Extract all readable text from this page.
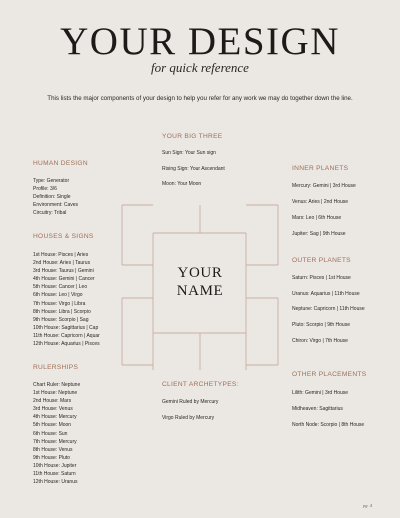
YOUR DESIGN
for quick reference
This lists the major components of your design to help you refer for any work we may do together down the line.
YOUR
NAME
YOUR BIG THREE
Sun Sign: Your Sun sign
Rising Sign: Your Ascendant
Moon: Your Moon
HUMAN DESIGN
Type: Generator
Profile: 3/6
Definition: Single
Environment: Caves
Circuitry: Tribal
HOUSES & SIGNS
1st House: Pisces | Aries
2nd House: Aries | Taurus
3rd House: Taurus | Gemini
4th House: Gemini | Cancer
5th House: Cancer | Leo
6th House: Leo | Virgo
7th House: Virgo | Libra
8th House: Libra | Scorpio
9th House: Scorpio | Sag
10th House: Sagittarius | Cap
11th House: Capricorn | Aquar
12th House: Aquarius | Pisces
RULERSHIPS
Chart Ruler: Neptune
1st House: Neptune
2nd House: Mars
3rd House: Venus
4th House: Mercury
5th House: Moon
6th House: Sun
7th House: Mercury
8th House: Venus
9th House: Pluto
10th House: Jupiter
11th House: Saturn
12th House: Uranus
CLIENT ARCHETYPES:
Gemini Ruled by Mercury
Virgo Ruled by Mercury
INNER PLANETS
Mercury: Gemini | 3rd House
Venus: Aries | 2nd House
Mars: Leo | 6th House
Jupiter: Sag | 9th House
OUTER PLANETS
Saturn: Pisces | 1st House
Uranus: Aquarius | 11th House
Neptune: Capricorn | 11th House
Pluto: Scorpio | 9th House
Chiron: Virgo | 7th House
OTHER PLACEMENTS
Lilith: Gemini | 3rd House
Midheaven: Sagittarius
North Node: Scorpio | 8th House
pg. 4
